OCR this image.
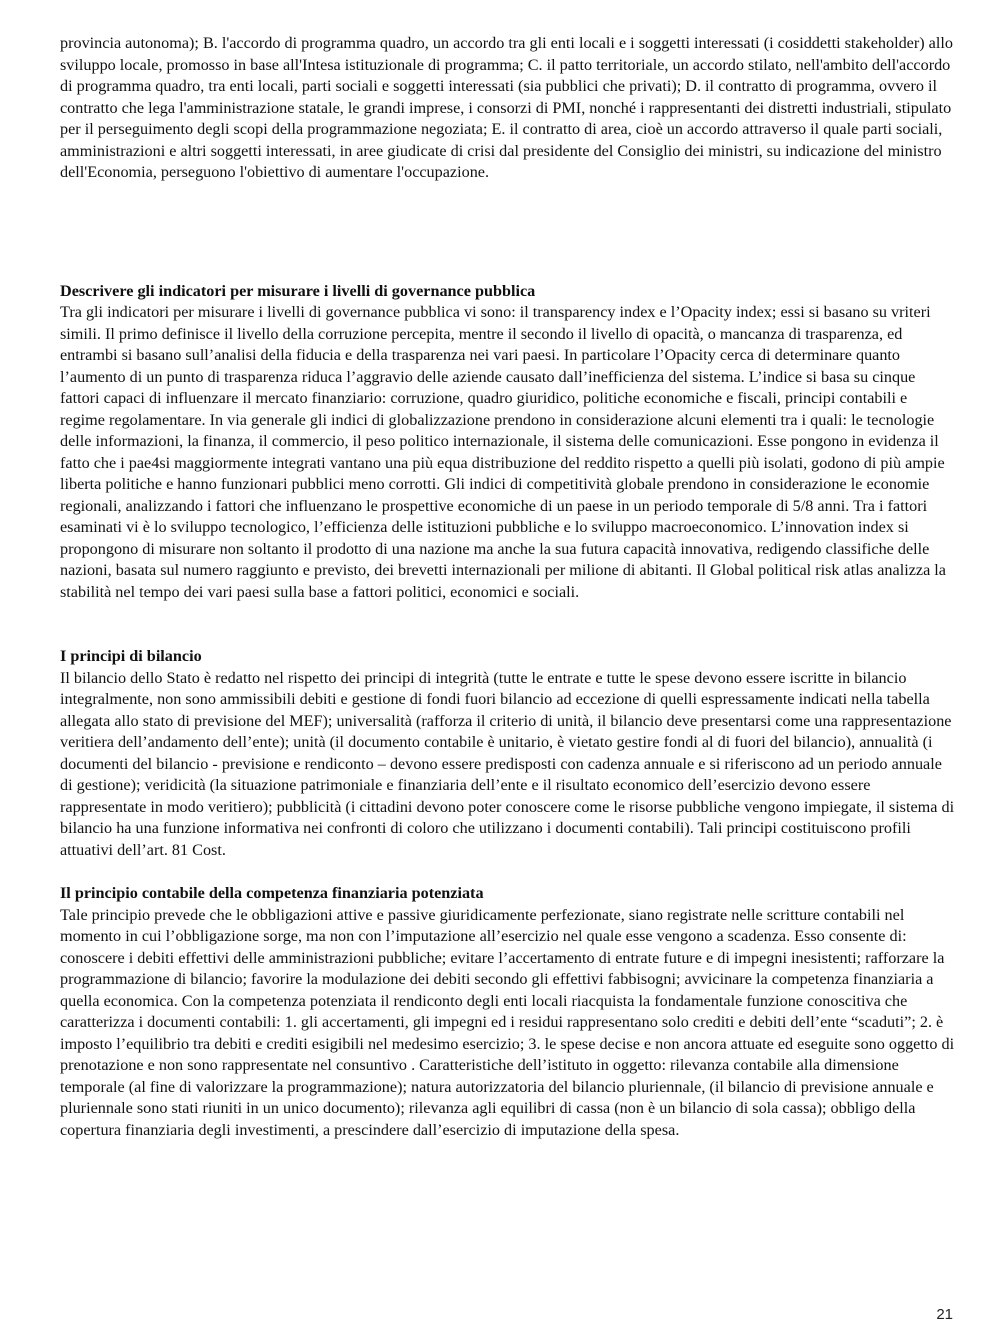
provincia autonoma); B. l'accordo di programma quadro, un accordo tra gli enti locali e i soggetti interessati (i cosiddetti stakeholder) allo sviluppo locale, promosso in base all'Intesa istituzionale di programma; C. il patto territoriale, un accordo stilato, nell'ambito dell'accordo di programma quadro, tra enti locali, parti sociali e soggetti interessati (sia pubblici che privati); D. il contratto di programma, ovvero il contratto che lega l'amministrazione statale, le grandi imprese, i consorzi di PMI, nonché i rappresentanti dei distretti industriali, stipulato per il perseguimento degli scopi della programmazione negoziata; E. il contratto di area, cioè un accordo attraverso il quale parti sociali, amministrazioni e altri soggetti interessati, in aree giudicate di crisi dal presidente del Consiglio dei ministri, su indicazione del ministro dell'Economia, perseguono l'obiettivo di aumentare l'occupazione.

Descrivere gli indicatori per misurare i livelli di governance pubblica

Tra gli indicatori per misurare i livelli di governance pubblica vi sono: il transparency index e l’Opacity index; essi si basano su vriteri simili. Il primo definisce il livello della corruzione percepita, mentre il secondo il livello di opacità, o mancanza di trasparenza, ed entrambi si basano sull’analisi della fiducia e della trasparenza nei vari paesi. In particolare l’Opacity cerca di determinare quanto l’aumento di un punto di trasparenza riduca l’aggravio delle aziende causato dall’inefficienza del sistema. L’indice si basa su cinque fattori capaci di influenzare il mercato finanziario: corruzione, quadro giuridico, politiche economiche e fiscali, principi contabili e regime regolamentare. In via generale gli indici di globalizzazione prendono in considerazione alcuni elementi tra i quali: le tecnologie delle informazioni, la finanza, il commercio, il peso politico internazionale, il sistema delle comunicazioni. Esse pongono in evidenza il fatto che i pae4si maggiormente integrati vantano una più equa distribuzione del reddito rispetto a quelli più isolati, godono di più ampie liberta politiche e hanno funzionari pubblici meno corrotti. Gli indici di competitività globale prendono in considerazione le economie regionali, analizzando i fattori che influenzano le prospettive economiche di un paese in un periodo temporale di 5/8 anni. Tra i fattori esaminati vi è lo sviluppo tecnologico, l’efficienza delle istituzioni pubbliche e lo sviluppo macroeconomico. L’innovation index si propongono di misurare non soltanto il prodotto di una nazione ma anche la sua futura capacità innovativa, redigendo classifiche delle nazioni, basata sul numero raggiunto e previsto, dei brevetti internazionali per milione di abitanti. Il Global political risk atlas analizza la stabilità nel tempo dei vari paesi sulla base a fattori politici, economici e sociali.

I principi di bilancio

Il bilancio dello Stato è redatto nel rispetto dei principi di integrità (tutte le entrate e tutte le spese devono essere iscritte in bilancio integralmente, non sono ammissibili debiti e gestione di fondi fuori bilancio ad eccezione di quelli espressamente indicati nella tabella allegata allo stato di previsione del MEF); universalità (rafforza il criterio di unità, il bilancio deve presentarsi come una rappresentazione veritiera dell’andamento dell’ente); unità (il documento contabile è unitario, è vietato gestire fondi al di fuori del bilancio), annualità (i documenti del bilancio - previsione e rendiconto – devono essere predisposti con cadenza annuale e si riferiscono ad un periodo annuale di gestione); veridicità (la situazione patrimoniale e finanziaria dell’ente e il risultato economico dell’esercizio devono essere rappresentate in modo veritiero); pubblicità (i cittadini devono poter conoscere come le risorse pubbliche vengono impiegate, il sistema di bilancio ha una funzione informativa nei confronti di coloro che utilizzano i documenti contabili). Tali principi costituiscono profili attuativi dell’art. 81 Cost.

Il principio contabile della competenza finanziaria potenziata

Tale principio prevede che le obbligazioni attive e passive giuridicamente perfezionate, siano registrate nelle scritture contabili nel momento in cui l’obbligazione sorge, ma non con l’imputazione all’esercizio nel quale esse vengono a scadenza. Esso consente di: conoscere i debiti effettivi delle amministrazioni pubbliche; evitare l’accertamento di entrate future e di impegni inesistenti; rafforzare la programmazione di bilancio; favorire la modulazione dei debiti secondo gli effettivi fabbisogni; avvicinare la competenza finanziaria a quella economica. Con la competenza potenziata il rendiconto degli enti locali riacquista la fondamentale funzione conoscitiva che caratterizza i documenti contabili: 1. gli accertamenti, gli impegni ed i residui rappresentano solo crediti e debiti dell’ente “scaduti”; 2. è imposto l’equilibrio tra debiti e crediti esigibili nel medesimo esercizio; 3. le spese decise e non ancora attuate ed eseguite sono oggetto di prenotazione e non sono rappresentate nel consuntivo . Caratteristiche dell’istituto in oggetto: rilevanza contabile alla dimensione temporale (al fine di valorizzare la programmazione); natura autorizzatoria del bilancio pluriennale, (il bilancio di previsione annuale e pluriennale sono stati riuniti in un unico documento); rilevanza agli equilibri di cassa (non è un bilancio di sola cassa); obbligo della copertura finanziaria degli investimenti, a prescindere dall’esercizio di imputazione della spesa.

21
